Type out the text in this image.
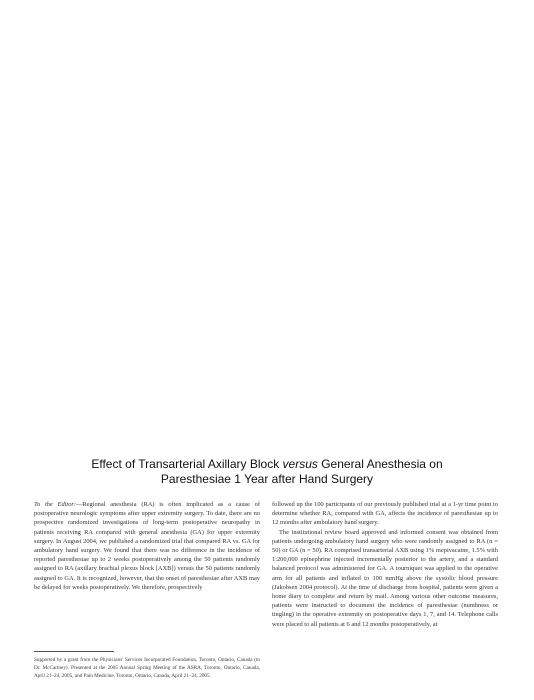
Effect of Transarterial Axillary Block versus General Anesthesia on
Paresthesiae 1 Year after Hand Surgery

To the Editor:—Regional anesthesia (RA) is often implicated as a cause of postoperative neurologic symptoms after upper extremity surgery. To date, there are no prospective randomized investigations of long-term postoperative neuropathy in patients receiving RA compared with general anesthesia (GA) for upper extremity surgery. In August 2004, we published a randomized trial that compared RA vs. GA for ambulatory hand surgery. We found that there was no difference in the incidence of reported paresthesiae up to 2 weeks postoperatively among the 50 patients randomly assigned to RA (axillary brachial plexus block [AXB]) versus the 50 patients randomly assigned to GA. It is recognized, however, that the onset of paresthesiae after AXB may be delayed for weeks postoperatively. We therefore, prospectively

followed up the 100 participants of our previously published trial at a 1-yr time point to determine whether RA, compared with GA, affects the incidence of paresthesiae up to 12 months after ambulatory hand surgery.

The institutional review board approved and informed consent was obtained from patients undergoing ambulatory hand surgery who were randomly assigned to RA (n = 50) or GA (n = 50). RA comprised transarterial AXB using 1% mepivacaine, 1.5% with 1:200,000 epinephrine injected incrementally posterior to the artery, and a standard balanced protocol was administered for GA. A tourniquet was applied to the operative arm for all patients and inflated to 100 mmHg above the systolic blood pressure (Jakobsen 2004 protocol). At the time of discharge from hospital, patients were given a home diary to complete and return by mail. Among various other outcome measures, patients were instructed to document the incidence of paresthesiae (numbness or tingling) in the operative extremity on postoperative days 1, 7, and 14. Telephone calls were placed to all patients at 6 and 12 months postoperatively, at

Supported by a grant from the Physicians' Services Incorporated Foundation, Toronto, Ontario, Canada (to Dr. McCartney). Presented at the 2005 Annual Spring Meeting of the ASRA, Toronto, Ontario, Canada, April 21–24, 2005, and Pain Medicine, Toronto, Ontario, Canada, April 21–24, 2005.
